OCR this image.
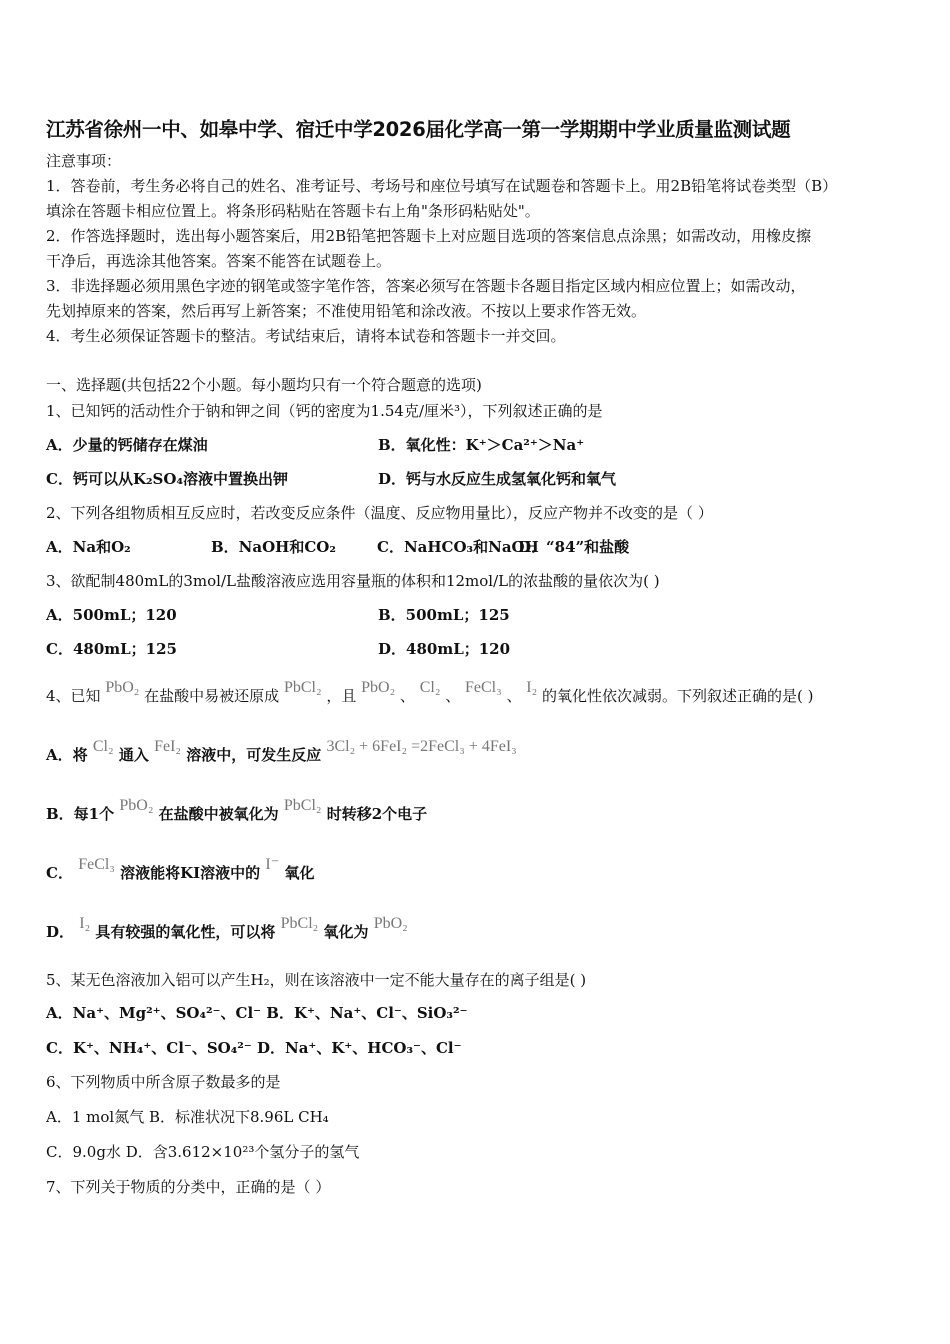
江苏省徐州一中、如皋中学、宿迁中学2026届化学高一第一学期期中学业质量监测试题
注意事项：
1．答卷前，考生务必将自己的姓名、准考证号、考场号和座位号填写在试题卷和答题卡上。用2B铅笔将试卷类型（B）
填涂在答题卡相应位置上。将条形码粘贴在答题卡右上角"条形码粘贴处"。
2．作答选择题时，选出每小题答案后，用2B铅笔把答题卡上对应题目选项的答案信息点涂黑；如需改动，用橡皮擦
干净后，再选涂其他答案。答案不能答在试题卷上。
3．非选择题必须用黑色字迹的钢笔或签字笔作答，答案必须写在答题卡各题目指定区域内相应位置上；如需改动，
先划掉原来的答案，然后再写上新答案；不准使用铅笔和涂改液。不按以上要求作答无效。
4．考生必须保证答题卡的整洁。考试结束后，请将本试卷和答题卡一并交回。
一、选择题(共包括22个小题。每小题均只有一个符合题意的选项)
1、已知钙的活动性介于钠和钾之间（钙的密度为1.54克/厘米³），下列叙述正确的是
A．少量的钙储存在煤油	B．氧化性：K⁺＞Ca²⁺＞Na⁺
C．钙可以从K₂SO₄溶液中置换出钾	D．钙与水反应生成氢氧化钙和氧气
2、下列各组物质相互反应时，若改变反应条件（温度、反应物用量比），反应产物并不改变的是（ ）
A．Na和O₂	B．NaOH和CO₂	C．NaHCO₃和NaOH
D．“84”和盐酸
3、欲配制480mL的3mol/L盐酸溶液应选用容量瓶的体积和12mol/L的浓盐酸的量依次为( )
A．500mL；120	B．500mL；125
C．480mL；125	D．480mL；120
4、已知 PbO₂ 在盐酸中易被还原成 PbCl₂ ，且 PbO₂ 、 Cl₂ 、 FeCl₃ 、 I₂ 的氧化性依次减弱。下列叙述正确的是( )
A．将 Cl₂ 通入 FeI₂ 溶液中，可发生反应 3Cl₂ + 6FeI₂ =2FeCl₃ + 4FeI₃
B．每1个 PbO₂ 在盐酸中被氧化为 PbCl₂ 时转移2个电子
C． FeCl₃ 溶液能将KI溶液中的 I⁻ 氧化
D． I₂ 具有较强的氧化性，可以将 PbCl₂ 氧化为 PbO₂
5、某无色溶液加入铝可以产生H₂，则在该溶液中一定不能大量存在的离子组是( )
A．Na⁺、Mg²⁺、SO₄²⁻、Cl⁻ B．K⁺、Na⁺、Cl⁻、SiO₃²⁻
C．K⁺、NH₄⁺、Cl⁻、SO₄²⁻ D．Na⁺、K⁺、HCO₃⁻、Cl⁻
6、下列物质中所含原子数最多的是
A．1 mol氮气 B．标准状况下8.96L CH₄
C．9.0g水 D．含3.612×10²³个氢分子的氢气
7、下列关于物质的分类中，正确的是（ ）
